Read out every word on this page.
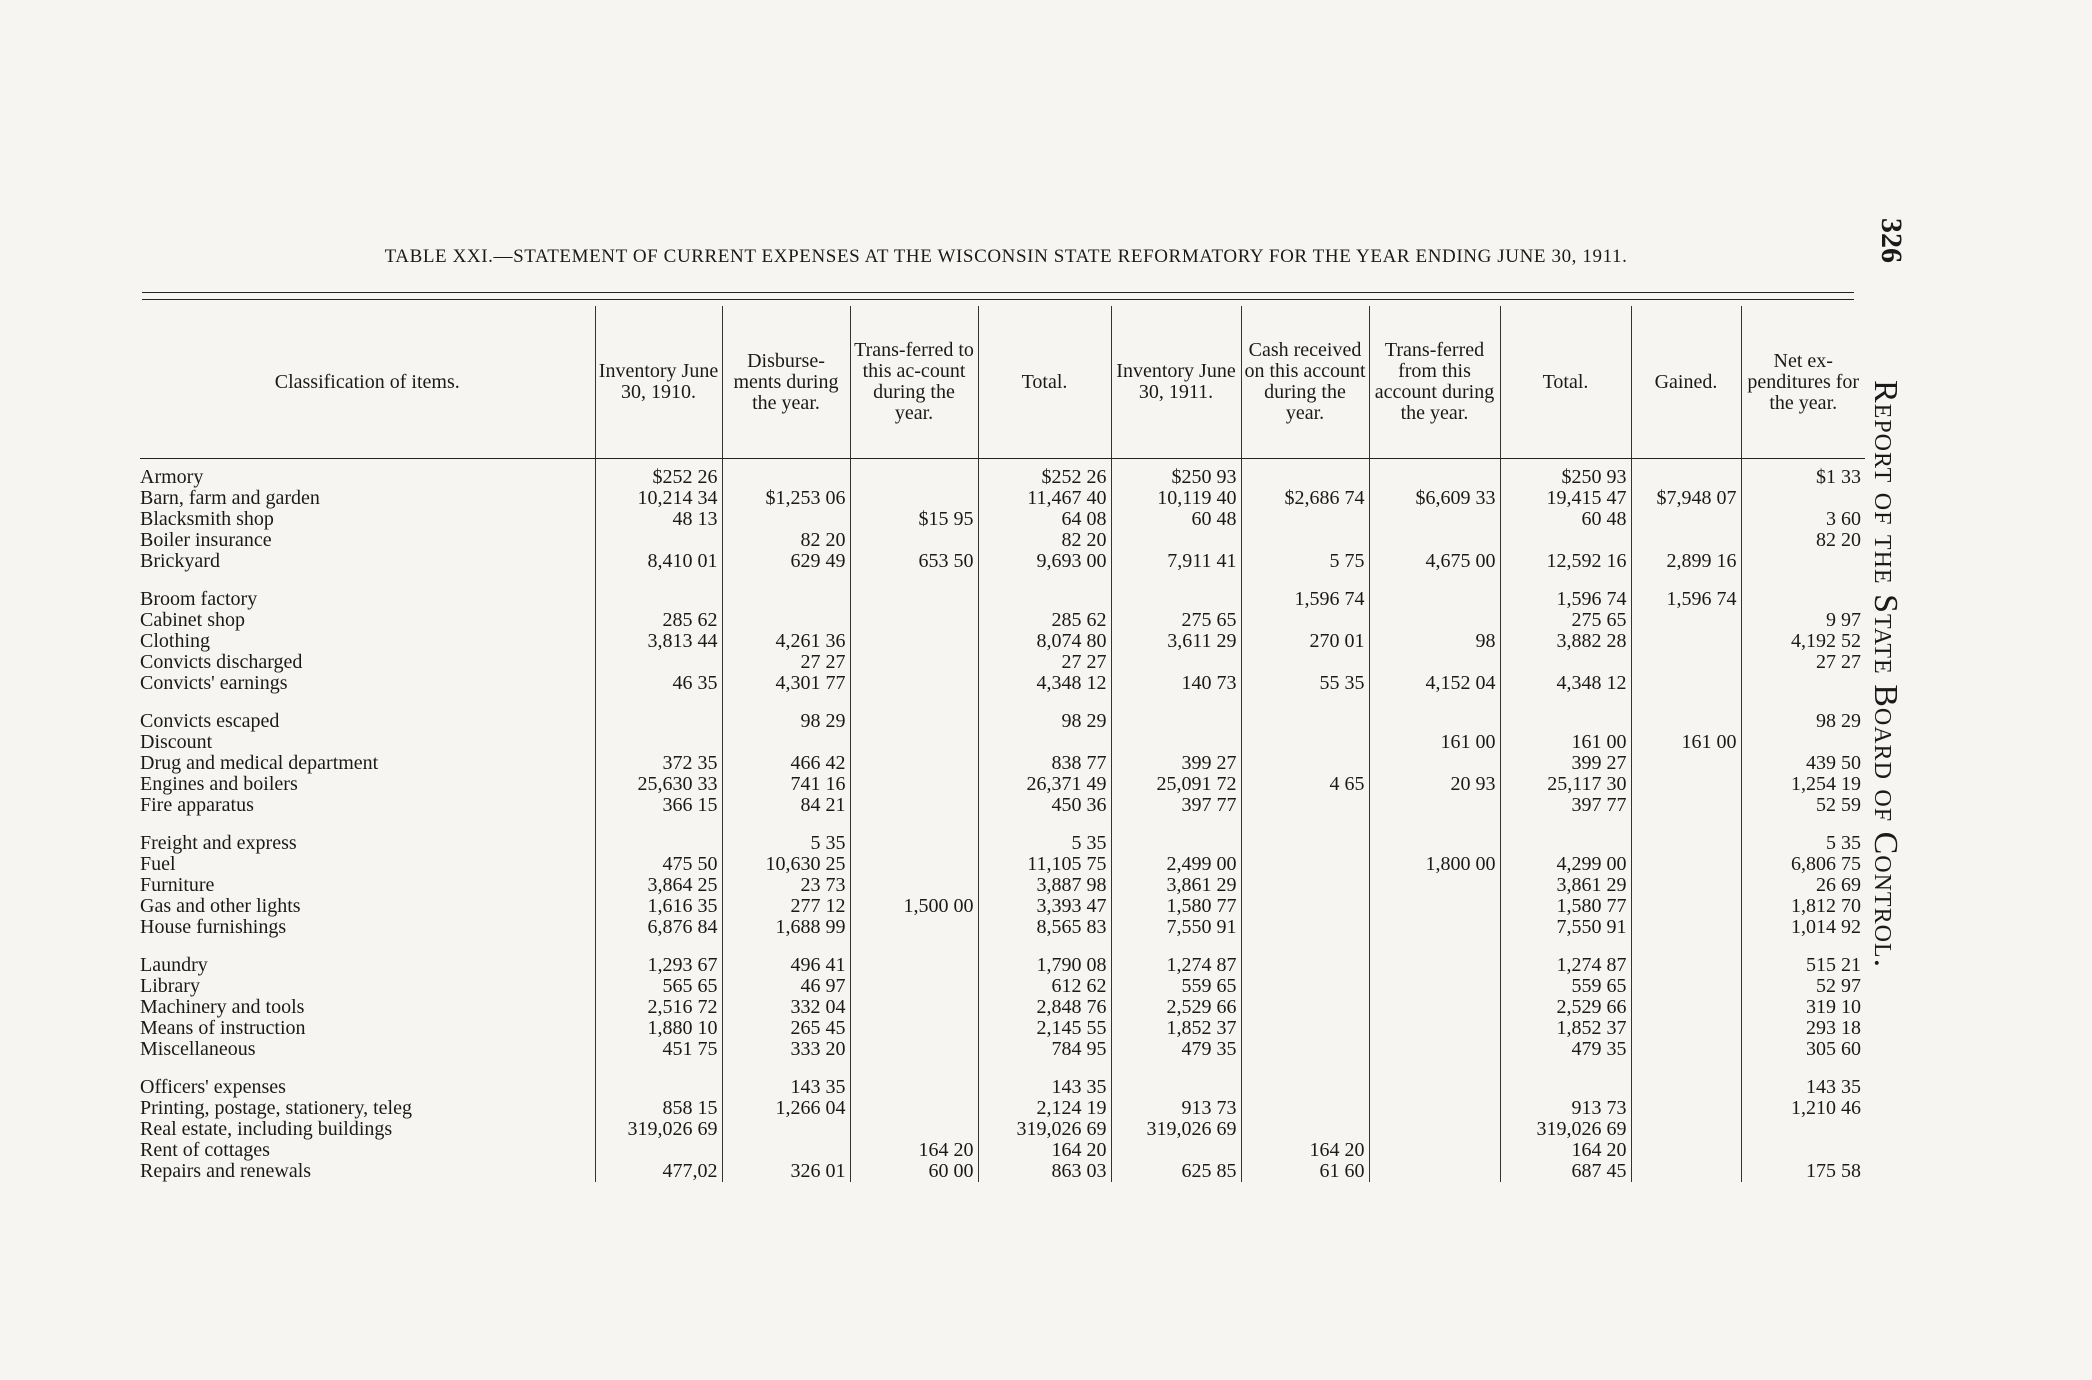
TABLE XXI.—STATEMENT OF CURRENT EXPENSES AT THE WISCONSIN STATE REFORMATORY FOR THE YEAR ENDING JUNE 30, 1911.	326
Report of the State Board of Control.
Classification of items.	Inventory June 30, 1910.	Disburse-ments during the year.	Trans-ferred to this ac-count during the year.	Total.	Inventory June 30, 1911.	Cash received on this account during the year.	Trans-ferred from this account during the year.	Total.	Gained.	Net ex-penditures for the year.
Armory	$252 26			$252 26	$250 93			$250 93		$1 33
Barn, farm and garden	10,214 34	$1,253 06		11,467 40	10,119 40	$2,686 74	$6,609 33	19,415 47	$7,948 07	
Blacksmith shop	48 13		$15 95	64 08	60 48			60 48		3 60
Boiler insurance		82 20		82 20						82 20
Brickyard	8,410 01	629 49	653 50	9,693 00	7,911 41	5 75	4,675 00	12,592 16	2,899 16	

Broom factory						1,596 74		1,596 74	1,596 74	
Cabinet shop	285 62			285 62	275 65			275 65		9 97
Clothing	3,813 44	4,261 36		8,074 80	3,611 29	270 01	98	3,882 28		4,192 52
Convicts discharged		27 27		27 27						27 27
Convicts' earnings	46 35	4,301 77		4,348 12	140 73	55 35	4,152 04	4,348 12		

Convicts escaped		98 29		98 29						98 29
Discount							161 00	161 00	161 00	
Drug and medical department	372 35	466 42		838 77	399 27			399 27		439 50
Engines and boilers	25,630 33	741 16		26,371 49	25,091 72	4 65	20 93	25,117 30		1,254 19
Fire apparatus	366 15	84 21		450 36	397 77			397 77		52 59

Freight and express		5 35		5 35						5 35
Fuel	475 50	10,630 25		11,105 75	2,499 00		1,800 00	4,299 00		6,806 75
Furniture	3,864 25	23 73		3,887 98	3,861 29			3,861 29		26 69
Gas and other lights	1,616 35	277 12	1,500 00	3,393 47	1,580 77			1,580 77		1,812 70
House furnishings	6,876 84	1,688 99		8,565 83	7,550 91			7,550 91		1,014 92

Laundry	1,293 67	496 41		1,790 08	1,274 87			1,274 87		515 21
Library	565 65	46 97		612 62	559 65			559 65		52 97
Machinery and tools	2,516 72	332 04		2,848 76	2,529 66			2,529 66		319 10
Means of instruction	1,880 10	265 45		2,145 55	1,852 37			1,852 37		293 18
Miscellaneous	451 75	333 20		784 95	479 35			479 35		305 60

Officers' expenses		143 35		143 35						143 35
Printing, postage, stationery, teleg	858 15	1,266 04		2,124 19	913 73			913 73		1,210 46
Real estate, including buildings	319,026 69			319,026 69	319,026 69			319,026 69		
Rent of cottages			164 20	164 20		164 20		164 20		
Repairs and renewals	477,02	326 01	60 00	863 03	625 85	61 60		687 45		175 58
